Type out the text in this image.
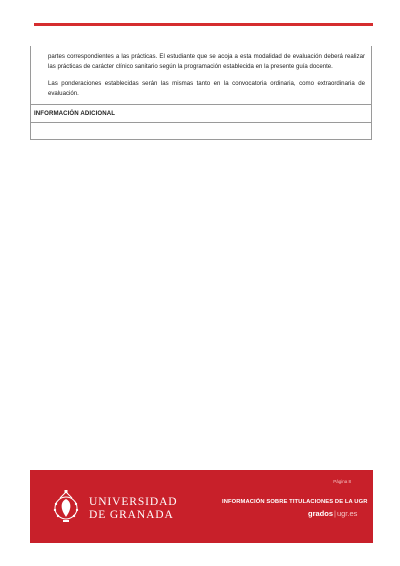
partes correspondientes a las prácticas. El estudiante que se acoja a esta modalidad de evaluación deberá realizar las prácticas de carácter clínico sanitario según la programación establecida en la presente guía docente.

Las ponderaciones establecidas serán las mismas tanto en la convocatoria ordinaria, como extraordinaria de evaluación.

INFORMACIÓN ADICIONAL
Página 8
UNIVERSIDAD
DE GRANADA
INFORMACIÓN SOBRE TITULACIONES DE LA UGR
grados|ugr.es
